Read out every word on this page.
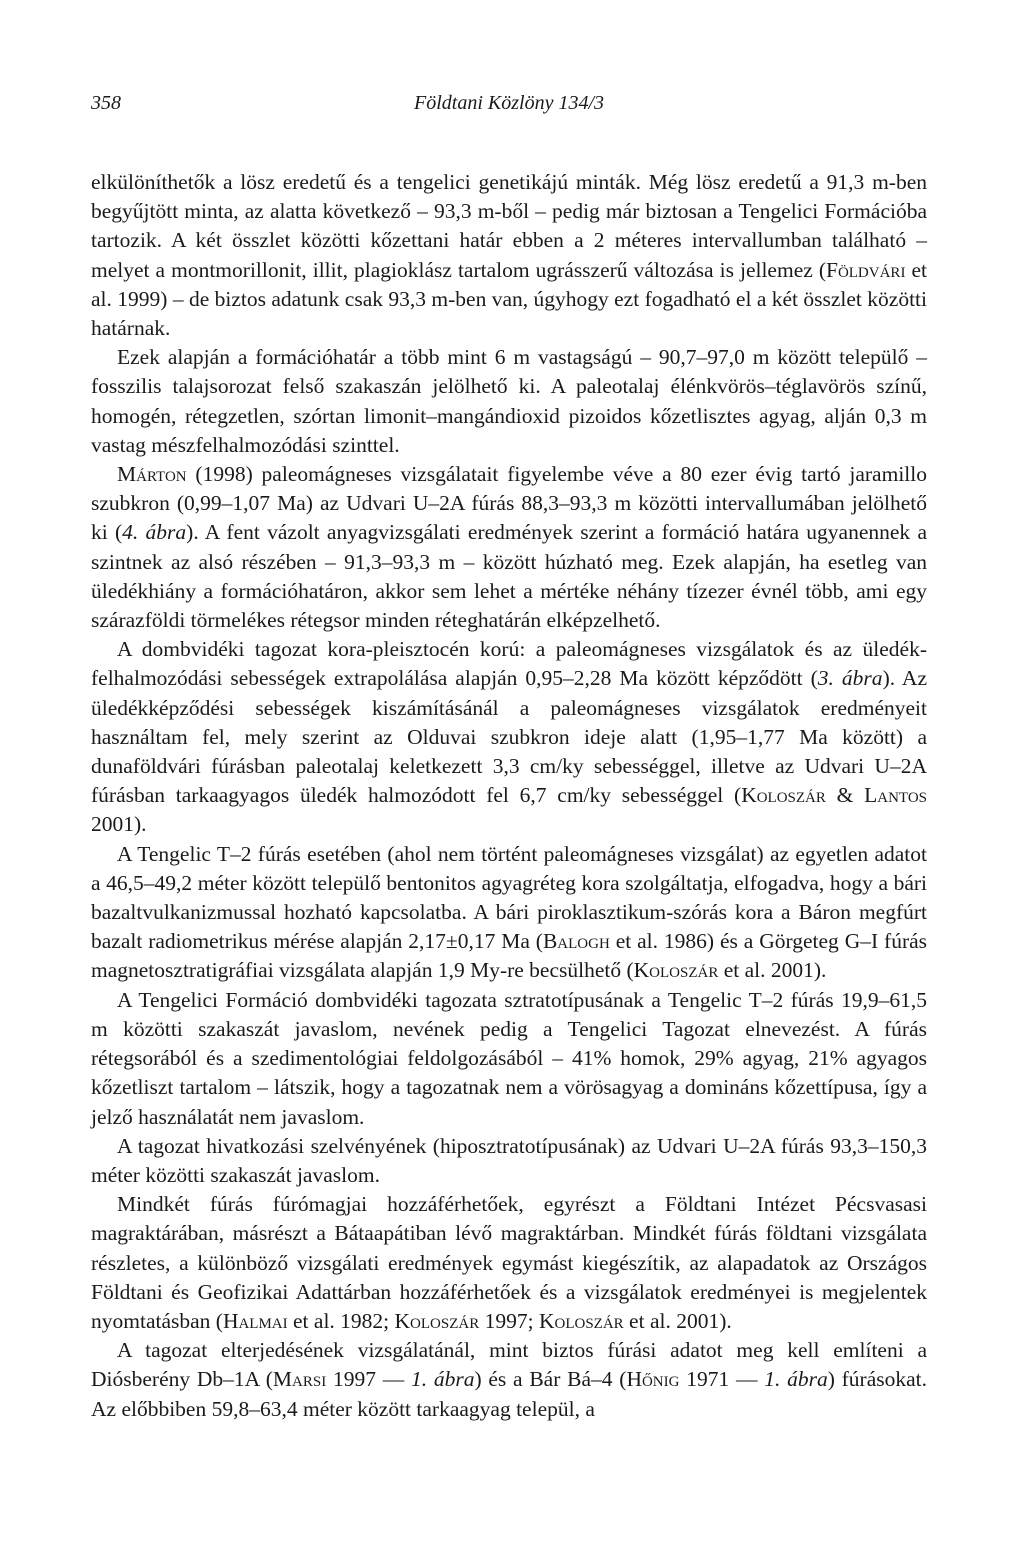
358	Földtani Közlöny 134/3

elkülöníthetők a lösz eredetű és a tengelici genetikájú minták. Még lösz eredetű a 91,3 m-ben begyűjtött minta, az alatta következő – 93,3 m-ből – pedig már biztosan a Tengelici Formációba tartozik. A két összlet közötti kőzettani határ ebben a 2 méteres intervallumban található – melyet a montmorillonit, illit, plagioklász tartalom ugrásszerű változása is jellemez (Földvári et al. 1999) – de biztos adatunk csak 93,3 m-ben van, úgyhogy ezt fogadható el a két összlet közötti határnak.

Ezek alapján a formációhatár a több mint 6 m vastagságú – 90,7–97,0 m között települő – fosszilis talajsorozat felső szakaszán jelölhető ki. A paleotalaj élénkvörös–téglavörös színű, homogén, rétegzetlen, szórtan limonit–mangándioxid pizoidos kőzetlisztes agyag, alján 0,3 m vastag mészfelhalmozódási szinttel.

Márton (1998) paleomágneses vizsgálatait figyelembe véve a 80 ezer évig tartó jaramillo szubkron (0,99–1,07 Ma) az Udvari U–2A fúrás 88,3–93,3 m közötti intervallumában jelölhető ki (4. ábra). A fent vázolt anyagvizsgálati eredmények szerint a formáció határa ugyanennek a szintnek az alsó részében – 91,3–93,3 m – között húzható meg. Ezek alapján, ha esetleg van üledékhiány a formációhatáron, akkor sem lehet a mértéke néhány tízezer évnél több, ami egy szárazföldi törmelékes rétegsor minden réteghatárán elképzelhető.

A dombvidéki tagozat kora-pleisztocén korú: a paleomágneses vizsgálatok és az üledék-felhalmozódási sebességek extrapolálása alapján 0,95–2,28 Ma között képződött (3. ábra). Az üledékképződési sebességek kiszámításánál a paleomágneses vizsgálatok eredményeit használtam fel, mely szerint az Olduvai szubkron ideje alatt (1,95–1,77 Ma között) a dunaföldvári fúrásban paleotalaj keletkezett 3,3 cm/ky sebességgel, illetve az Udvari U–2A fúrásban tarkaagyagos üledék halmozódott fel 6,7 cm/ky sebességgel (Koloszár & Lantos 2001).

A Tengelic T–2 fúrás esetében (ahol nem történt paleomágneses vizsgálat) az egyetlen adatot a 46,5–49,2 méter között települő bentonitos agyagréteg kora szolgáltatja, elfogadva, hogy a bári bazaltvulkanizmussal hozható kapcsolatba. A bári piroklasztikum-szórás kora a Báron megfúrt bazalt radiometrikus mérése alapján 2,17±0,17 Ma (Balogh et al. 1986) és a Görgeteg G–I fúrás magnetosztratigráfiai vizsgálata alapján 1,9 My-re becsülhető (Koloszár et al. 2001).

A Tengelici Formáció dombvidéki tagozata sztratotípusának a Tengelic T–2 fúrás 19,9–61,5 m közötti szakaszát javaslom, nevének pedig a Tengelici Tagozat elnevezést. A fúrás rétegsorából és a szedimentológiai feldolgozásából – 41% homok, 29% agyag, 21% agyagos kőzetliszt tartalom – látszik, hogy a tagozatnak nem a vörösagyag a domináns kőzettípusa, így a jelző használatát nem javaslom.

A tagozat hivatkozási szelvényének (hiposztratotípusának) az Udvari U–2A fúrás 93,3–150,3 méter közötti szakaszát javaslom.

Mindkét fúrás fúrómagjai hozzáférhetőek, egyrészt a Földtani Intézet Pécsvasasi magraktárában, másrészt a Bátaapátiban lévő magraktárban. Mindkét fúrás földtani vizsgálata részletes, a különböző vizsgálati eredmények egymást kiegészítik, az alapadatok az Országos Földtani és Geofizikai Adattárban hozzáférhetőek és a vizsgálatok eredményei is megjelentek nyomtatásban (Halmai et al. 1982; Koloszár 1997; Koloszár et al. 2001).

A tagozat elterjedésének vizsgálatánál, mint biztos fúrási adatot meg kell említeni a Diósberény Db–1A (Marsi 1997 — 1. ábra) és a Bár Bá–4 (Hőnig 1971 — 1. ábra) fúrásokat. Az előbbiben 59,8–63,4 méter között tarkaagyag települ, a
